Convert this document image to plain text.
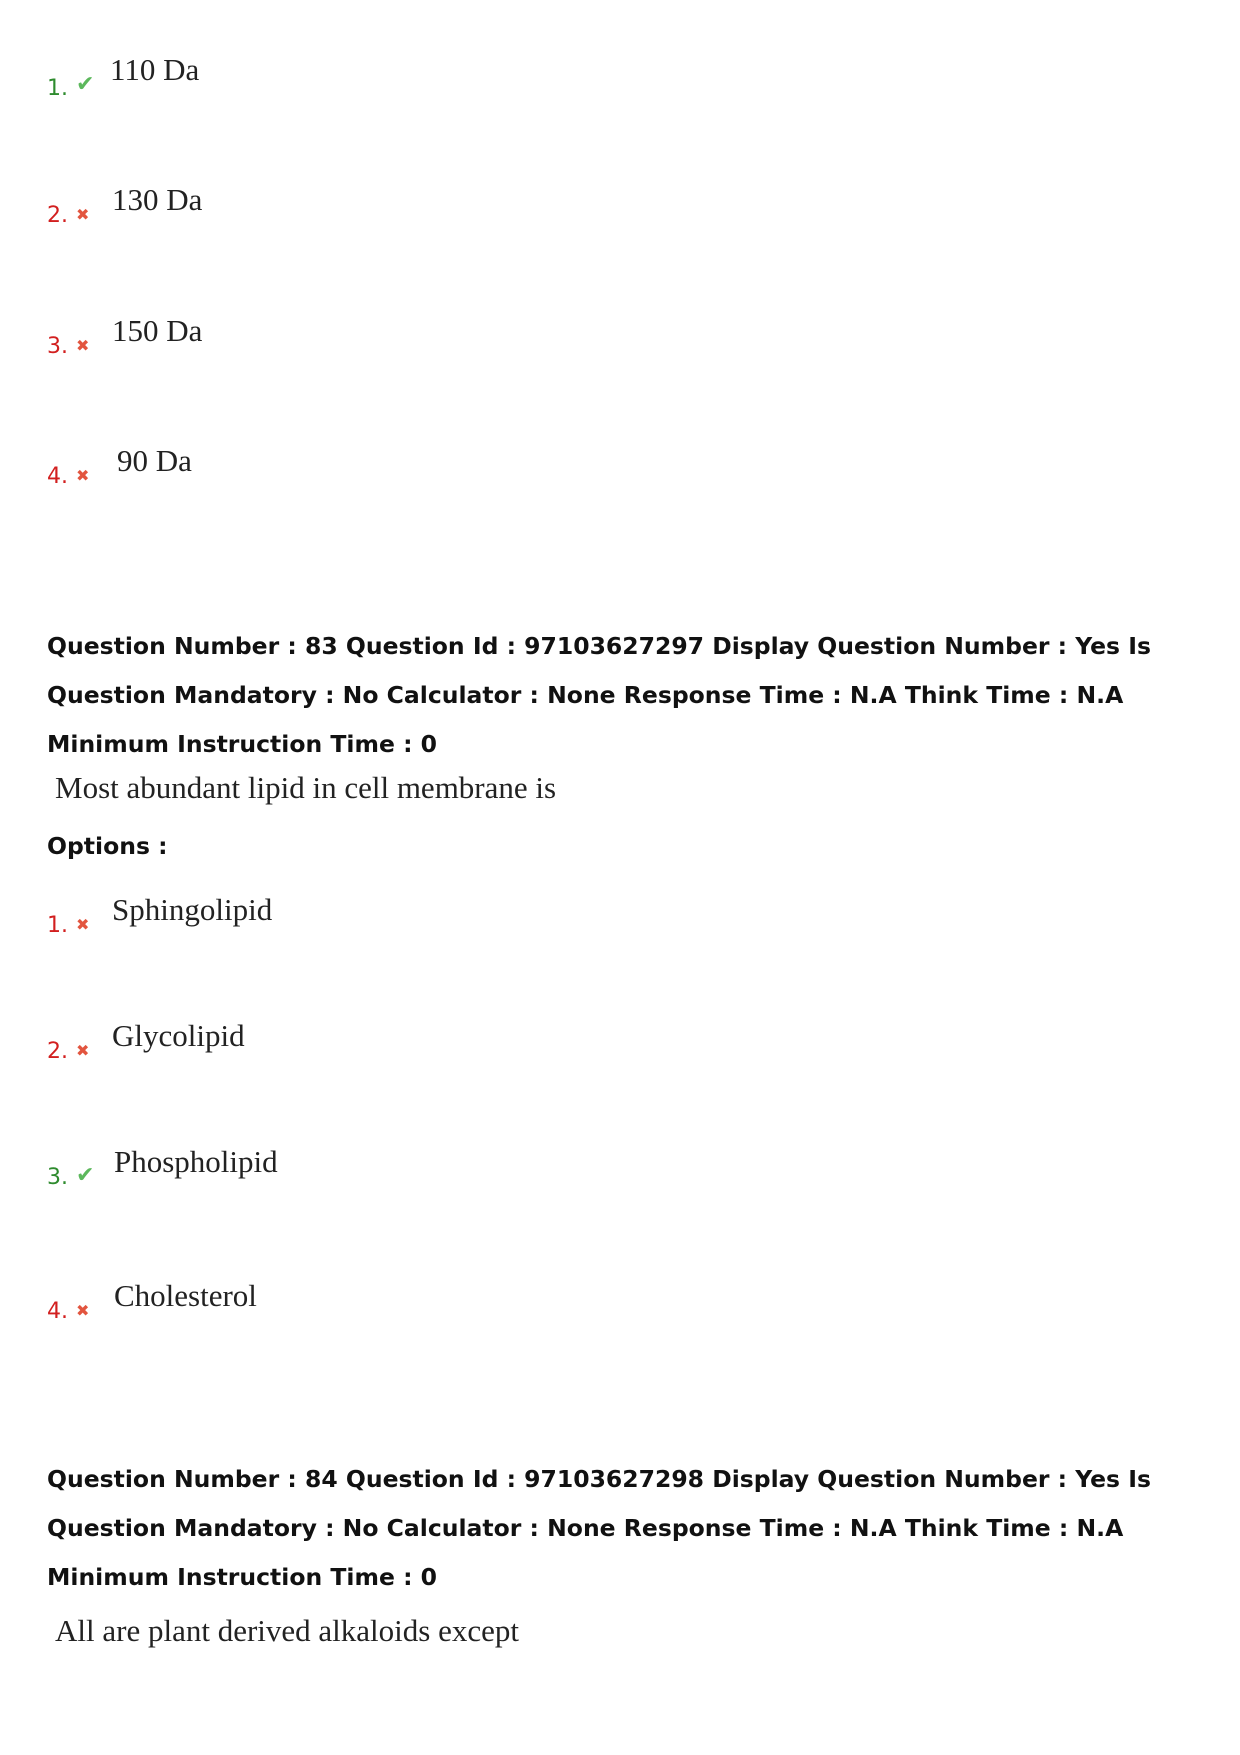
1. ✔ 110 Da
2. ✖ 130 Da
3. ✖ 150 Da
4. ✖ 90 Da
Question Number : 83 Question Id : 97103627297 Display Question Number : Yes Is Question Mandatory : No Calculator : None Response Time : N.A Think Time : N.A Minimum Instruction Time : 0
Most abundant lipid in cell membrane is
Options :
1. ✖ Sphingolipid
2. ✖ Glycolipid
3. ✔ Phospholipid
4. ✖ Cholesterol
Question Number : 84 Question Id : 97103627298 Display Question Number : Yes Is Question Mandatory : No Calculator : None Response Time : N.A Think Time : N.A Minimum Instruction Time : 0
All are plant derived alkaloids except
